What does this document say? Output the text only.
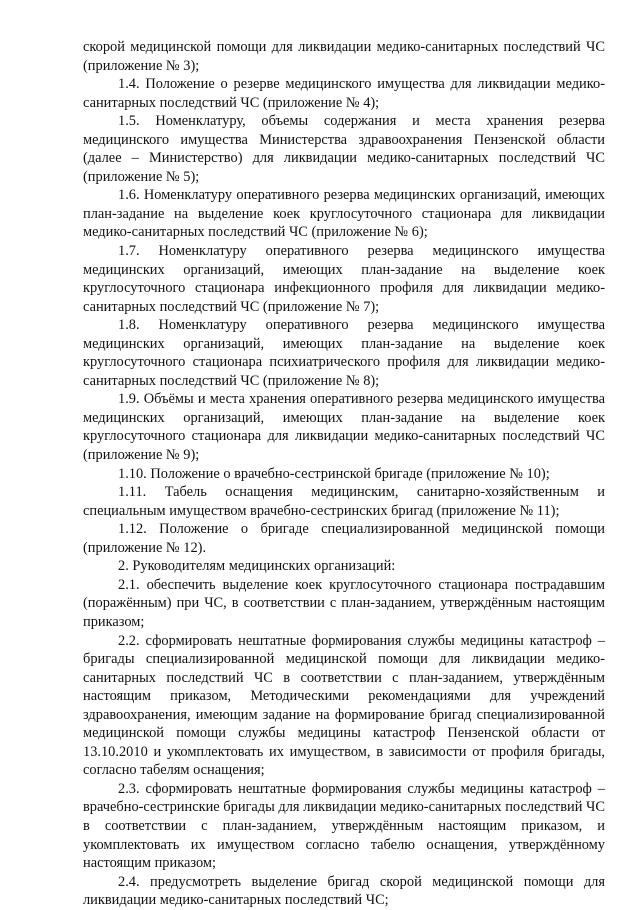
скорой медицинской помощи для ликвидации медико-санитарных последствий ЧС (приложение № 3);

1.4. Положение о резерве медицинского имущества для ликвидации медико-санитарных последствий ЧС (приложение № 4);

1.5. Номенклатуру, объемы содержания и места хранения резерва медицинского имущества Министерства здравоохранения Пензенской области (далее – Министерство) для ликвидации медико-санитарных последствий ЧС (приложение № 5);

1.6. Номенклатуру оперативного резерва медицинских организаций, имеющих план-задание на выделение коек круглосуточного стационара для ликвидации медико-санитарных последствий ЧС (приложение № 6);

1.7. Номенклатуру оперативного резерва медицинского имущества медицинских организаций, имеющих план-задание на выделение коек круглосуточного стационара инфекционного профиля для ликвидации медико-санитарных последствий ЧС (приложение № 7);

1.8. Номенклатуру оперативного резерва медицинского имущества медицинских организаций, имеющих план-задание на выделение коек круглосуточного стационара психиатрического профиля для ликвидации медико-санитарных последствий ЧС (приложение № 8);

1.9. Объёмы и места хранения оперативного резерва медицинского имущества медицинских организаций, имеющих план-задание на выделение коек круглосуточного стационара для ликвидации медико-санитарных последствий ЧС (приложение № 9);

1.10. Положение о врачебно-сестринской бригаде (приложение № 10);

1.11. Табель оснащения медицинским, санитарно-хозяйственным и специальным имуществом врачебно-сестринских бригад (приложение № 11);

1.12. Положение о бригаде специализированной медицинской помощи (приложение № 12).

2. Руководителям медицинских организаций:

2.1. обеспечить выделение коек круглосуточного стационара пострадавшим (поражённым) при ЧС, в соответствии с план-заданием, утверждённым настоящим приказом;

2.2. сформировать нештатные формирования службы медицины катастроф – бригады специализированной медицинской помощи для ликвидации медико-санитарных последствий ЧС в соответствии с план-заданием, утверждённым настоящим приказом, Методическими рекомендациями для учреждений здравоохранения, имеющим задание на формирование бригад специализированной медицинской помощи службы медицины катастроф Пензенской области от 13.10.2010 и укомплектовать их имуществом, в зависимости от профиля бригады, согласно табелям оснащения;

2.3. сформировать нештатные формирования службы медицины катастроф – врачебно-сестринские бригады для ликвидации медико-санитарных последствий ЧС в соответствии с план-заданием, утверждённым настоящим приказом, и укомплектовать их имуществом согласно табелю оснащения, утверждённому настоящим приказом;

2.4. предусмотреть выделение бригад скорой медицинской помощи для ликвидации медико-санитарных последствий ЧС;
